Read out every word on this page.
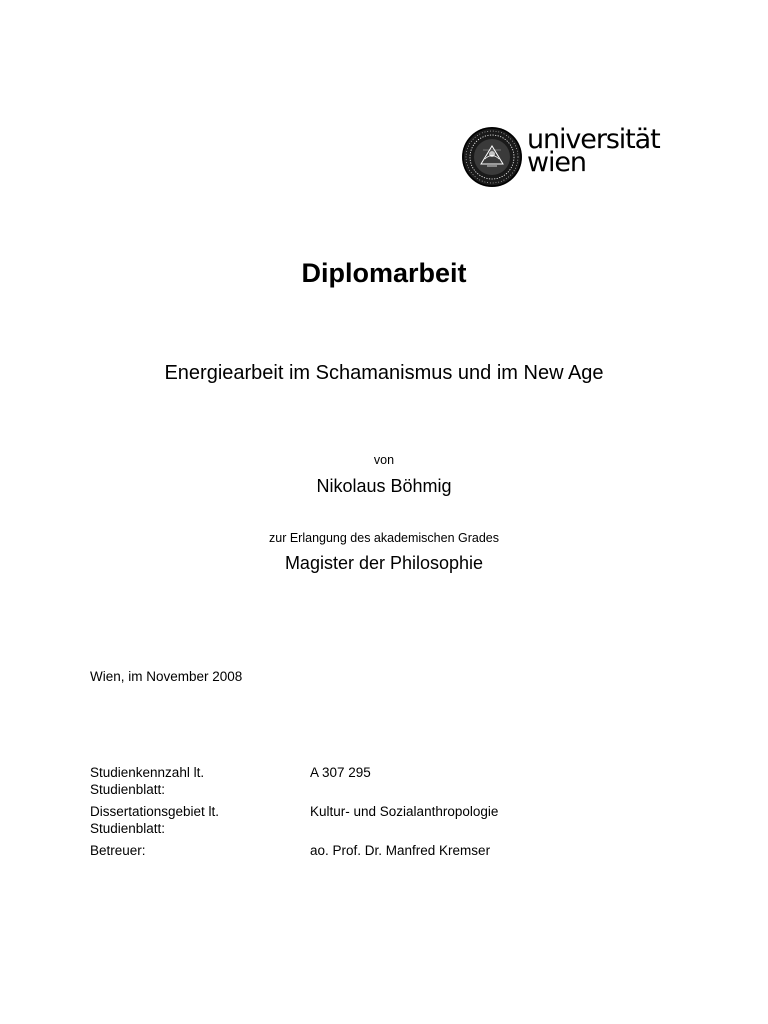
universität
wien
Diplomarbeit
Energiearbeit im Schamanismus und im New Age
von
Nikolaus Böhmig
zur Erlangung des akademischen Grades
Magister der Philosophie
Wien, im November 2008
Studienkennzahl lt. Studienblatt:
A 307 295
Dissertationsgebiet lt. Studienblatt:
Kultur- und Sozialanthropologie
Betreuer:	ao. Prof. Dr. Manfred Kremser
